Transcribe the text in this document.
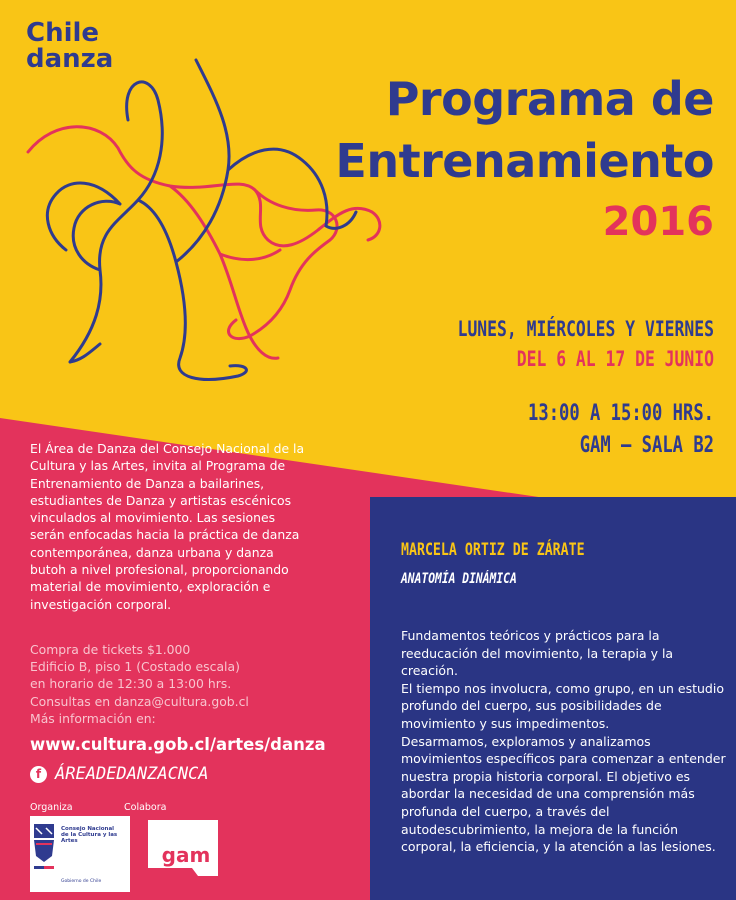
Chile
danza
Programa de
Entrenamiento
2016
LUNES, MIÉRCOLES Y VIERNES
DEL 6 AL 17 DE JUNIO
13:00 A 15:00 HRS.
GAM – SALA B2

El Área de Danza del Consejo Nacional de la

Cultura y las Artes, invita al Programa de

Entrenamiento de Danza a bailarines,

estudiantes de Danza y artistas escénicos

vinculados al movimiento. Las sesiones

serán enfocadas hacia la práctica de danza

contemporánea, danza urbana y danza

butoh a nivel profesional, proporcionando

material de movimiento, exploración e

investigación corporal.

Compra de tickets $1.000
Edificio B, piso 1 (Costado escala)
en horario de 12:30 a 13:00 hrs.
Consultas en danza@cultura.gob.cl
Más información en:
www.cultura.gob.cl/artes/danza
f ÁREADEDANZACNCA
Organiza
Consejo Nacional de la Cultura y las Artes
Gobierno de Chile
Colabora
gam
MARCELA ORTIZ DE ZÁRATE
ANATOMÍA DINÁMICA

Fundamentos teóricos y prácticos para la

reeducación del movimiento, la terapia y la creación.

El tiempo nos involucra, como grupo, en un estudio

profundo del cuerpo, sus posibilidades de

movimiento y sus impedimentos.

Desarmamos, exploramos y analizamos

movimientos específicos para comenzar a entender

nuestra propia historia corporal. El objetivo es

abordar la necesidad de una comprensión más

profunda del cuerpo, a través del

autodescubrimiento, la mejora de la función

corporal, la eficiencia, y la atención a las lesiones.
